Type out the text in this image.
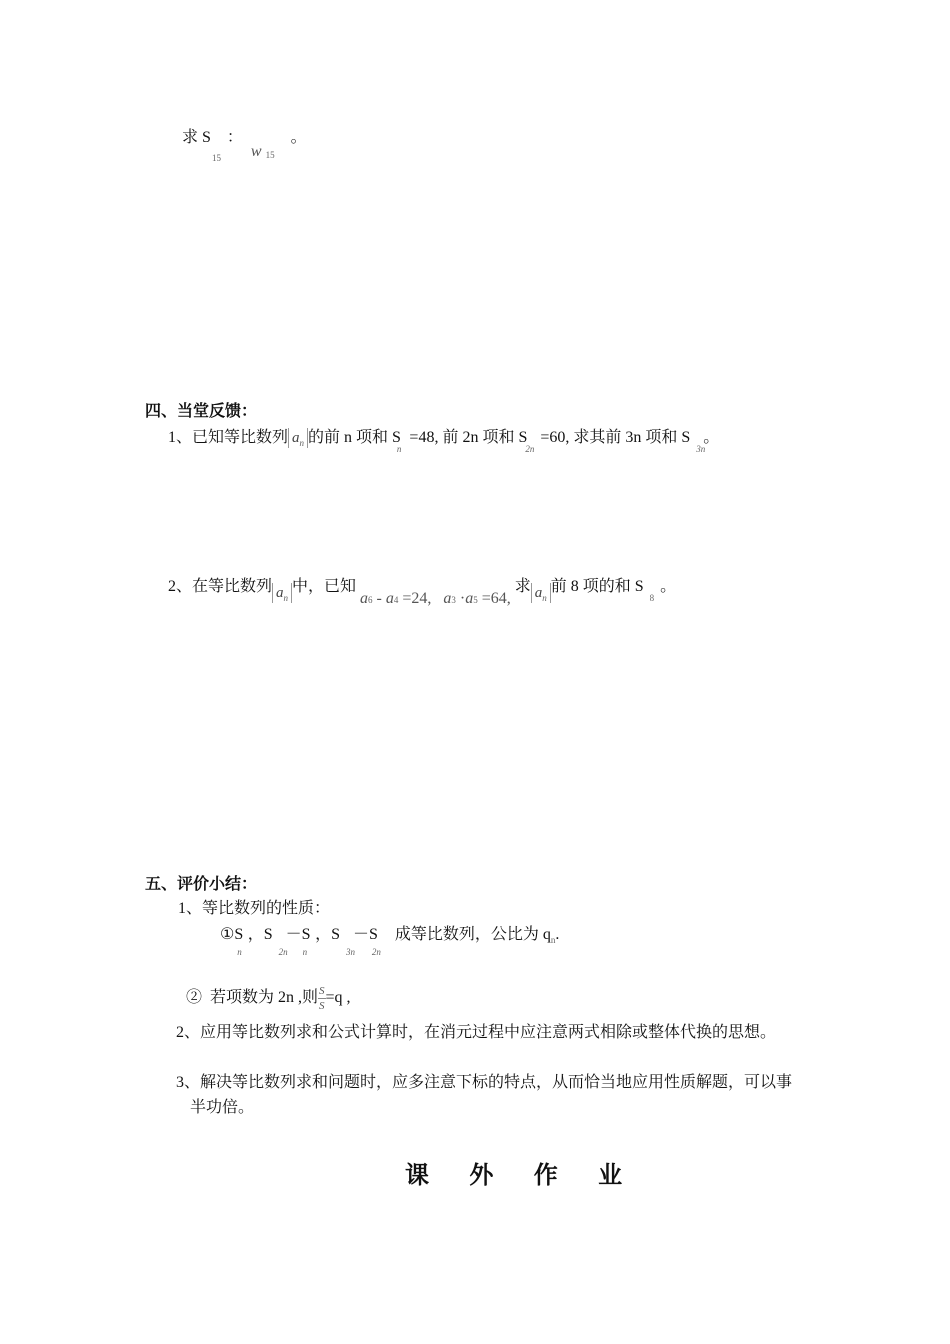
求 S
15
： w $_{15}$ 。
四、当堂反馈：
1、已知等比数列 $a_n$ 的前 n 项和 S $_n$=48, 前 2n 项和 S $_{2n}$=60, 求其前 3n 项和 S $_{3n}$。
2、在等比数列 $a_n$中，已知 a6 - a4 =24, a3 ·a5 =64, 求 $a_n$前 8 项的和 S $_8$ 。
五、评价小结：
1、等比数列的性质：
①S $_n$，S $_{2n}$ －S $_n$，S $_{3n}$ －S $_{2n}$ 成等比数列，公比为 $q_n$.
② 若项数为 2n ,则 $\frac{S}{S}=q$ ,
2、应用等比数列求和公式计算时，在消元过程中应注意两式相除或整体代换的思想。
3、解决等比数列求和问题时，应多注意下标的特点，从而恰当地应用性质解题，可以事
半功倍。
课 外 作 业
